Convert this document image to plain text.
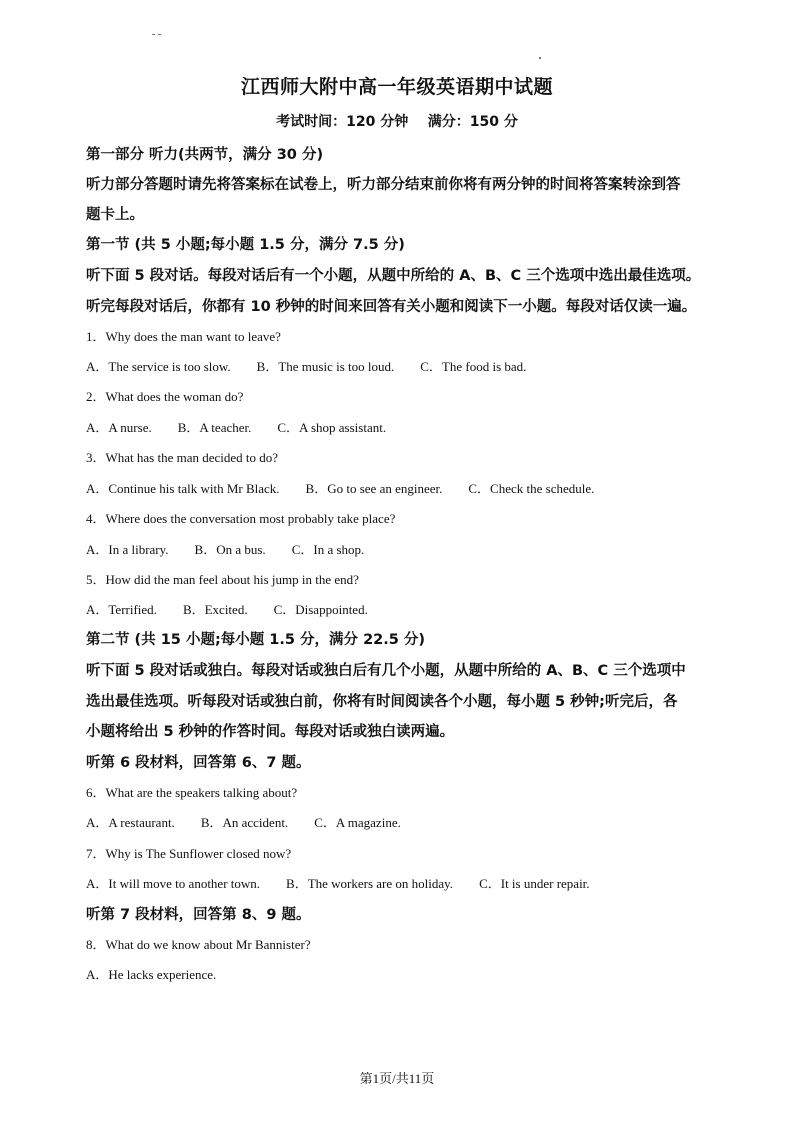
江西师大附中高一年级英语期中试题
考试时间：120 分钟    满分：150 分
第一部分 听力(共两节，满分 30 分)
听力部分答题时请先将答案标在试卷上，听力部分结束前你将有两分钟的时间将答案转涂到答
题卡上。
第一节 (共 5 小题;每小题 1.5 分，满分 7.5 分)
听下面 5 段对话。每段对话后有一个小题，从题中所给的 A、B、C 三个选项中选出最佳选项。
听完每段对话后，你都有 10 秒钟的时间来回答有关小题和阅读下一小题。每段对话仅读一遍。
1．Why does the man want to leave?
A．The service is too slow. B．The music is too loud. C．The food is bad.
2．What does the woman do?
A．A nurse. B．A teacher. C．A shop assistant.
3．What has the man decided to do?
A．Continue his talk with Mr Black. B．Go to see an engineer. C．Check the schedule.
4．Where does the conversation most probably take place?
A．In a library. B．On a bus. C．In a shop.
5．How did the man feel about his jump in the end?
A．Terrified. B．Excited. C．Disappointed.
第二节 (共 15 小题;每小题 1.5 分，满分 22.5 分)
听下面 5 段对话或独白。每段对话或独白后有几个小题，从题中所给的 A、B、C 三个选项中
选出最佳选项。听每段对话或独白前，你将有时间阅读各个小题，每小题 5 秒钟;听完后，各
小题将给出 5 秒钟的作答时间。每段对话或独白读两遍。
听第 6 段材料，回答第 6、7 题。
6．What are the speakers talking about?
A．A restaurant. B．An accident. C．A magazine.
7．Why is The Sunflower closed now?
A．It will move to another town. B．The workers are on holiday. C．It is under repair.
听第 7 段材料，回答第 8、9 题。
8．What do we know about Mr Bannister?
A．He lacks experience.
第1页/共11页
